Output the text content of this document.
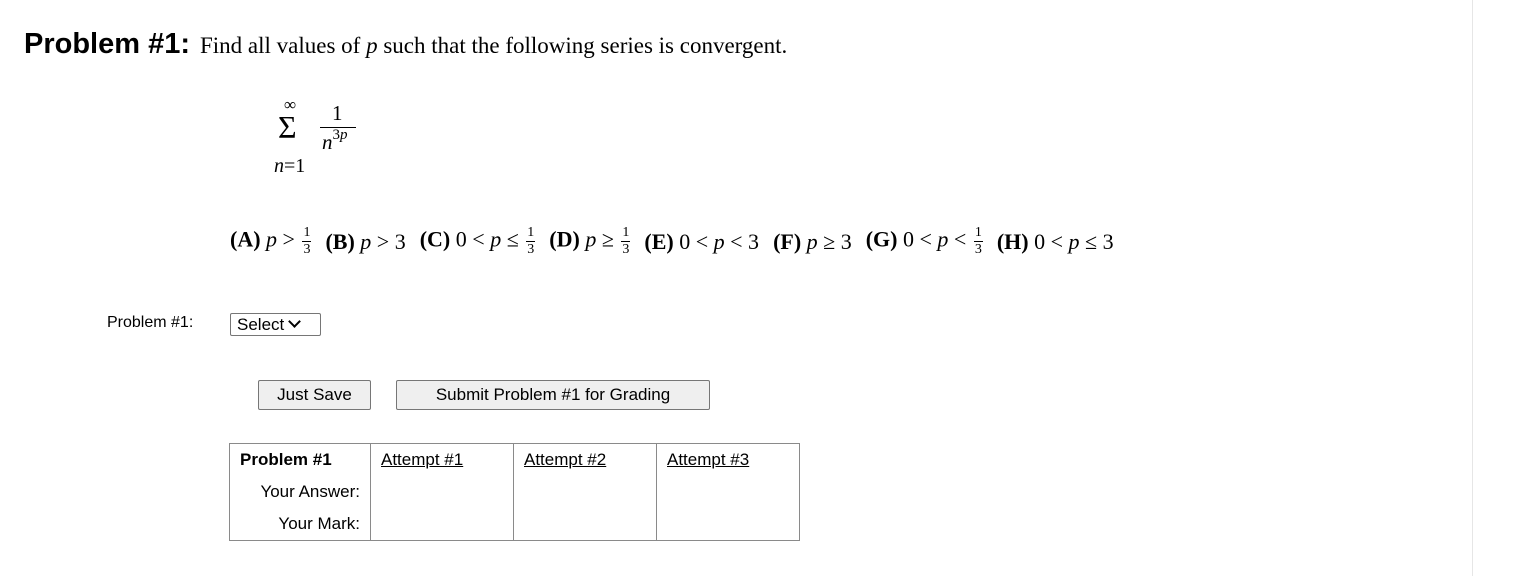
Problem #1: Find all values of p such that the following series is convergent.
∞
Σ
n=1
1
$n^{3p}$
(A) $p > \frac{1}{3} (B) p > 3$ (C) $0 < p \le \frac{1}{3} (D) p \ge \frac{1}{3} (E) 0 < p < 3$ (F) p ≥ 3 (G) $0 < p < \frac{1}{3} (H) 0 < p \le 3$
Problem #1:	Select
Just Save	Submit Problem #1 for Grading
Problem #1	Attempt #1	Attempt #2	Attempt #3
Your Answer:			
Your Mark:			
